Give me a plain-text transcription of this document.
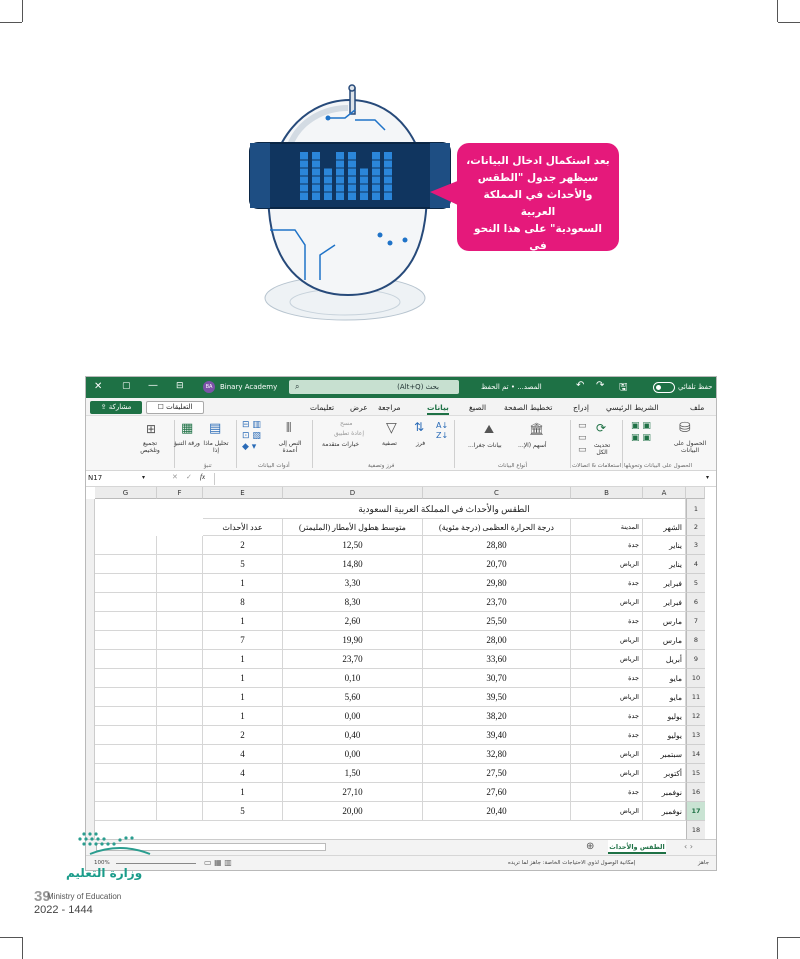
بعد استكمال ادخال البيانات،
سيظهر جدول "الطقس
والأحداث في المملكة العربية
السعودية" على هذا النحو في
ورقة الإكسل.
✕ ▢ — ⊟	BA	Binary Academy ⌕	بحث (Alt+Q)	المصد... • تم الحفظ	↶ ↷ 🖫	حفظ تلقائي
مشاركة ⇪	التعليقات ☐	تعليمات عرض مراجعة	بيانات	الصيغ تخطيط الصفحة	إدراج الشريط الرئيسي	ملف
⊞
تجميع وتلخيص
تنبؤ
▦
ورقة التنبؤ
▤
تحليل ماذا إذا
⊟ ▥
⊡ ▧
◆ ▾
⫴
النص إلى أعمدة
أدوات البيانات
مسح
إعادة تطبيق
خيارات متقدمة
▽
تصفية
⇅
فرز
A↓
Z↓
فرز وتصفية
⛰
بيانات جغرا...
🏛
أسهم (الإ...
أنواع البيانات
▭
▭
▭
⟳
تحديث الكل
استعلامات & اتصالات
▣ ▣
▣ ▣
⛁
الحصول على البيانات
الحصول على البيانات وتحويلها
N17	▾	✕ ✓ fx	▾
G	F	E	D	C	B	A
الطقس والأحداث في المملكة العربية السعودية
عدد الأحداث	متوسط هطول الأمطار (المليمتر)	درجة الحرارة العظمى (درجة مئوية)	المدينة	الشهر
1
2
3
4
5
6
7
8
9
10
11
12
13
14
15
16
17
18
2	12,50	28,80	جدة	يناير
5	14,80	20,70	الرياض	يناير
1	3,30	29,80	جدة	فبراير
8	8,30	23,70	الرياض	فبراير
1	2,60	25,50	جدة	مارس
7	19,90	28,00	الرياض	مارس
1	23,70	33,60	الرياض	أبريل
1	0,10	30,70	جدة	مايو
1	5,60	39,50	الرياض	مايو
1	0,00	38,20	جدة	يوليو
2	0,40	39,40	جدة	يوليو
4	0,00	32,80	الرياض	سبتمبر
4	1,50	27,50	الرياض	أكتوبر
1	27,10	27,60	جدة	نوفمبر
5	20,00	20,40	الرياض	نوفمبر
⊕ الطقس والأحداث ‹ ›
100%	▭ ▦ ▥	إمكانية الوصول لذوي الاحتياجات الخاصة: جاهز لما تريده	جاهز
وزارة التعليم
39
Ministry of Education
2022 - 1444
